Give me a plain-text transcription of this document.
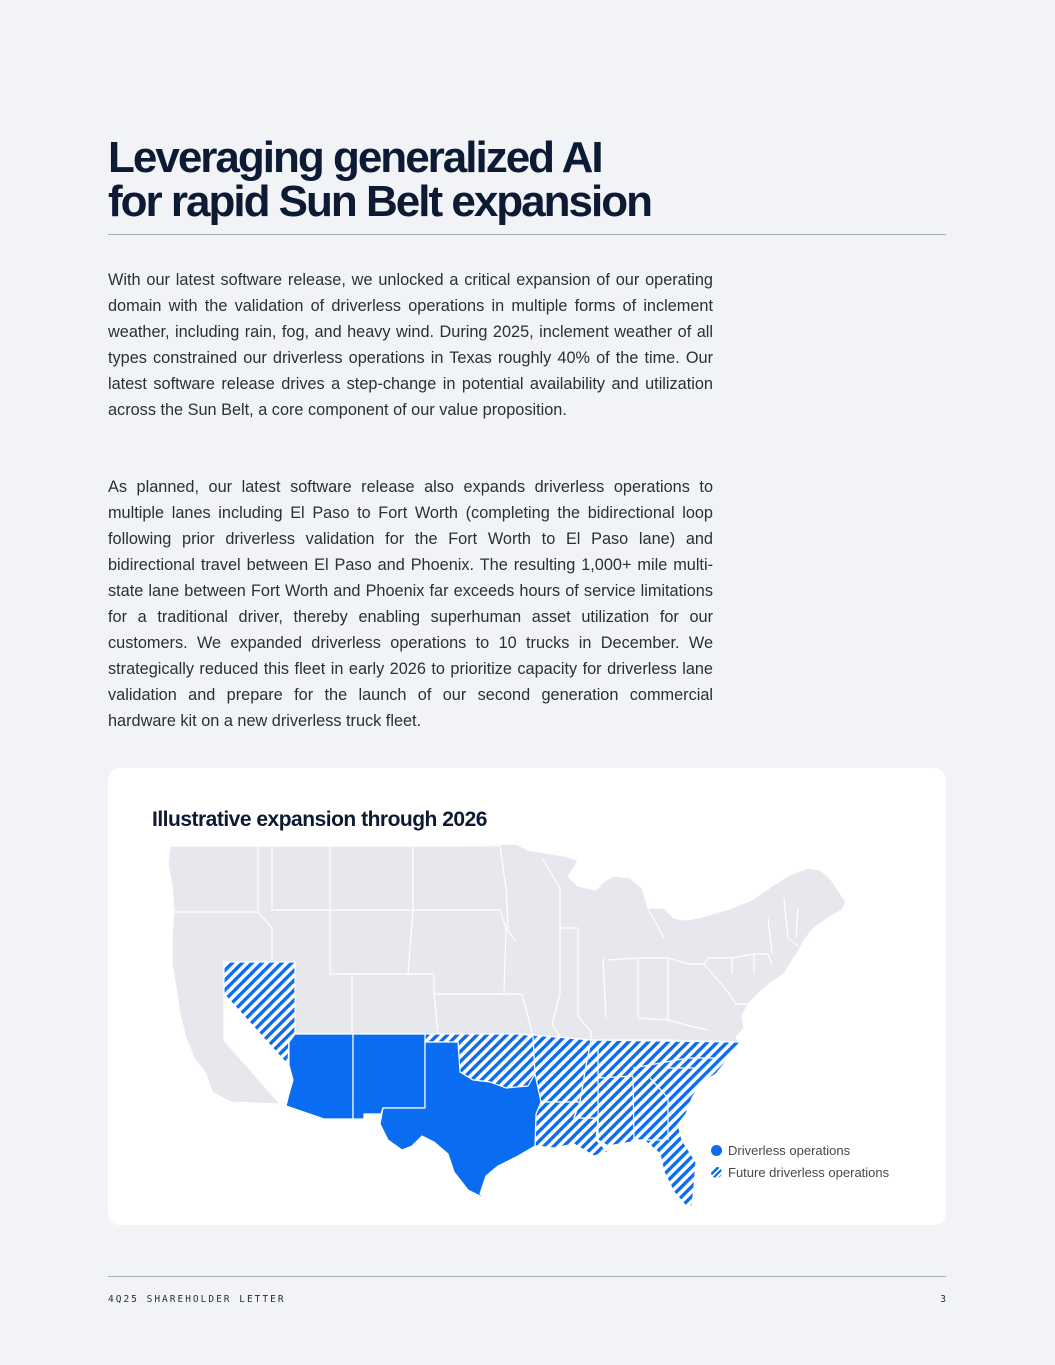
Leveraging generalized AI
for rapid Sun Belt expansion

With our latest software release, we unlocked a critical expansion of our operating domain with the validation of driverless operations in multiple forms of inclement weather, including rain, fog, and heavy wind. During 2025, inclement weather of all types constrained our driverless operations in Texas roughly 40% of the time. Our latest software release drives a step-change in potential availability and utilization across the Sun Belt, a core component of our value proposition.

As planned, our latest software release also expands driverless operations to multiple lanes including El Paso to Fort Worth (completing the bidirectional loop following prior driverless validation for the Fort Worth to El Paso lane) and bidirectional travel between El Paso and Phoenix. The resulting 1,000+ mile multi-state lane between Fort Worth and Phoenix far exceeds hours of service limitations for a traditional driver, thereby enabling superhuman asset utilization for our customers. We expanded driverless operations to 10 trucks in December. We strategically reduced this fleet in early 2026 to prioritize capacity for driverless lane validation and prepare for the launch of our second generation commercial hardware kit on a new driverless truck fleet.

Illustrative expansion through 2026
Driverless operations
Future driverless operations
4Q25 SHAREHOLDER LETTER	3
